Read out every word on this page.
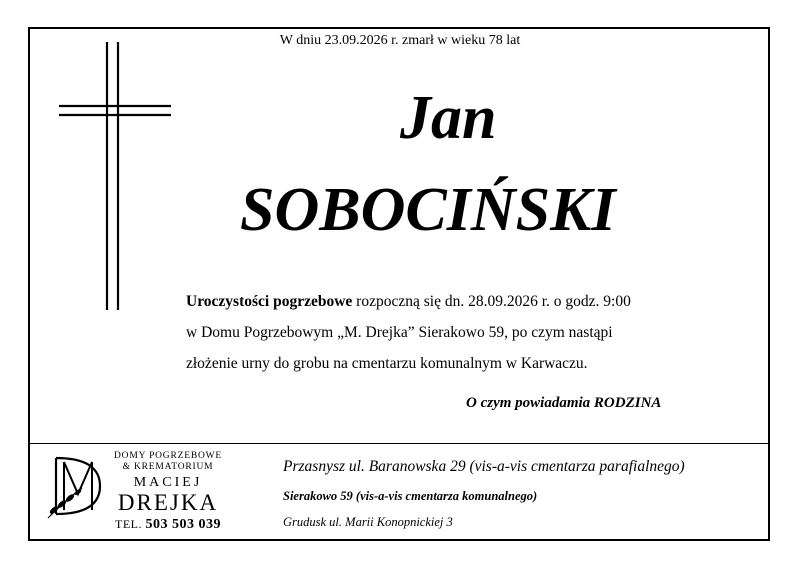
W dniu 23.09.2026 r. zmarł w wieku 78 lat
Jan
SOBOCIŃSKI
Uroczystości pogrzebowe rozpoczną się dn. 28.09.2026 r. o godz. 9:00
w Domu Pogrzebowym „M. Drejka” Sierakowo 59, po czym nastąpi
złożenie urny do grobu na cmentarzu komunalnym w Karwaczu.
O czym powiadamia RODZINA
DOMY POGRZEBOWE
& KREMATORIUM
MACIEJ
DREJKA
TEL. 503 503 039
Przasnysz ul. Baranowska 29 (vis-a-vis cmentarza parafialnego)
Sierakowo 59 (vis-a-vis cmentarza komunalnego)
Grudusk ul. Marii Konopnickiej 3
